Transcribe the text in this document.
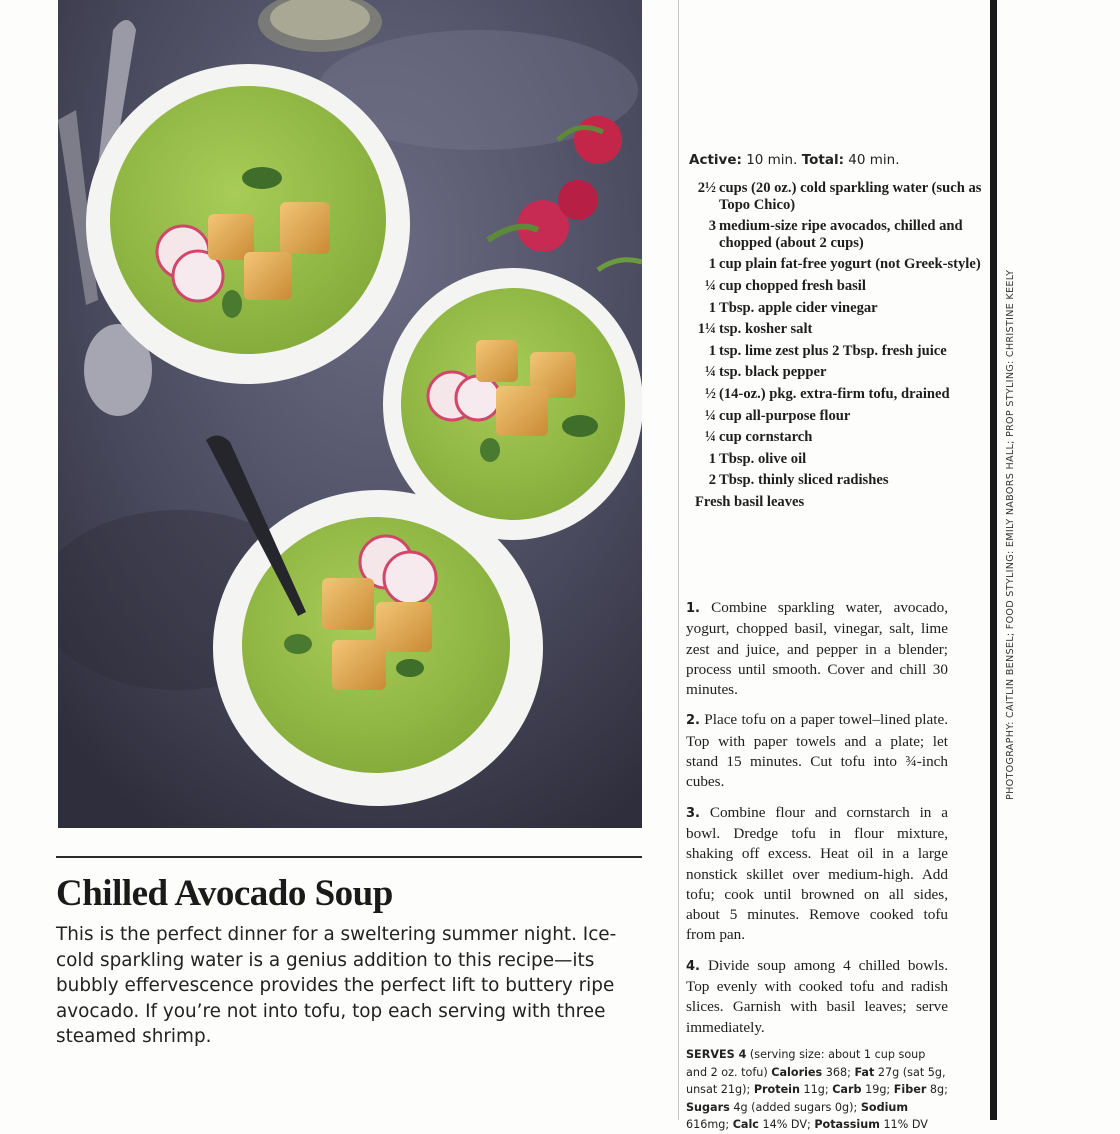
Chilled Avocado Soup

This is the perfect dinner for a sweltering summer night. Ice-cold sparkling water is a genius addition to this recipe—its bubbly effervescence provides the perfect lift to buttery ripe avocado. If you’re not into tofu, top each serving with three steamed shrimp.

PHOTOGRAPHY: CAITLIN BENSEL; FOOD STYLING: EMILY NABORS HALL; PROP STYLING: CHRISTINE KEELY
Active: 10 min. Total: 40 min.
2½ cups (20 oz.) cold sparkling water (such as Topo Chico)
3 medium-size ripe avocados, chilled and chopped (about 2 cups)
1 cup plain fat-free yogurt (not Greek-style)
¼ cup chopped fresh basil
1 Tbsp. apple cider vinegar
1¼ tsp. kosher salt
1 tsp. lime zest plus 2 Tbsp. fresh juice
¼ tsp. black pepper
½ (14-oz.) pkg. extra-firm tofu, drained
¼ cup all-purpose flour
¼ cup cornstarch
1 Tbsp. olive oil
2 Tbsp. thinly sliced radishes
Fresh basil leaves

1. Combine sparkling water, avocado, yogurt, chopped basil, vinegar, salt, lime zest and juice, and pepper in a blender; process until smooth. Cover and chill 30 minutes.

2. Place tofu on a paper towel–lined plate. Top with paper towels and a plate; let stand 15 minutes. Cut tofu into ¾-inch cubes.

3. Combine flour and cornstarch in a bowl. Dredge tofu in flour mixture, shaking off excess. Heat oil in a large nonstick skillet over medium-high. Add tofu; cook until browned on all sides, about 5 minutes. Remove cooked tofu from pan.

4. Divide soup among 4 chilled bowls. Top evenly with cooked tofu and radish slices. Garnish with basil leaves; serve immediately.

SERVES 4 (serving size: about 1 cup soup and 2 oz. tofu) Calories 368; Fat 27g (sat 5g, unsat 21g); Protein 11g; Carb 19g; Fiber 8g; Sugars 4g (added sugars 0g); Sodium 616mg; Calc 14% DV; Potassium 11% DV
